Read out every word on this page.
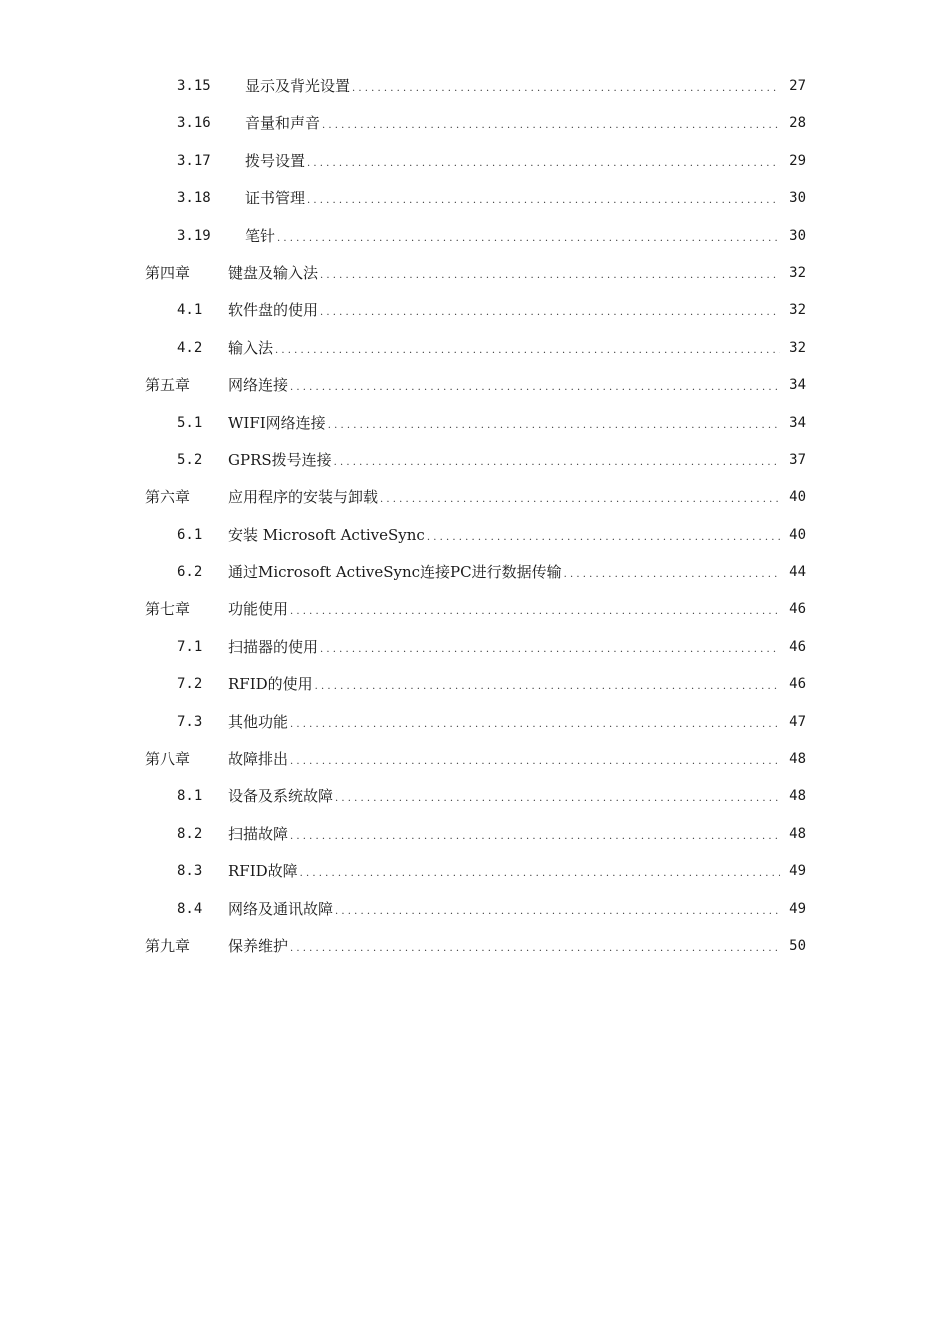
3.15	显示及背光设置 .....	27
3.16	音量和声音 .....	28
3.17	拨号设置 .....	29
3.18	证书管理 .....	30
3.19	笔针 .....	30
第四章	键盘及输入法 .....	32
4.1	软件盘的使用 .....	32
4.2	输入法 .....	32
第五章	网络连接 .....	34
5.1	WIFI网络连接 .....	34
5.2	GPRS拨号连接 .....	37
第六章	应用程序的安装与卸载 .....	40
6.1	安装 Microsoft ActiveSync .....	40
6.2	通过Microsoft ActiveSync连接PC进行数据传输 .....	44
第七章	功能使用 .....	46
7.1	扫描器的使用 .....	46
7.2	RFID的使用 .....	46
7.3	其他功能 .....	47
第八章	故障排出 .....	48
8.1	设备及系统故障 .....	48
8.2	扫描故障 .....	48
8.3	RFID故障 .....	49
8.4	网络及通讯故障 .....	49
第九章	保养维护 .....	50
